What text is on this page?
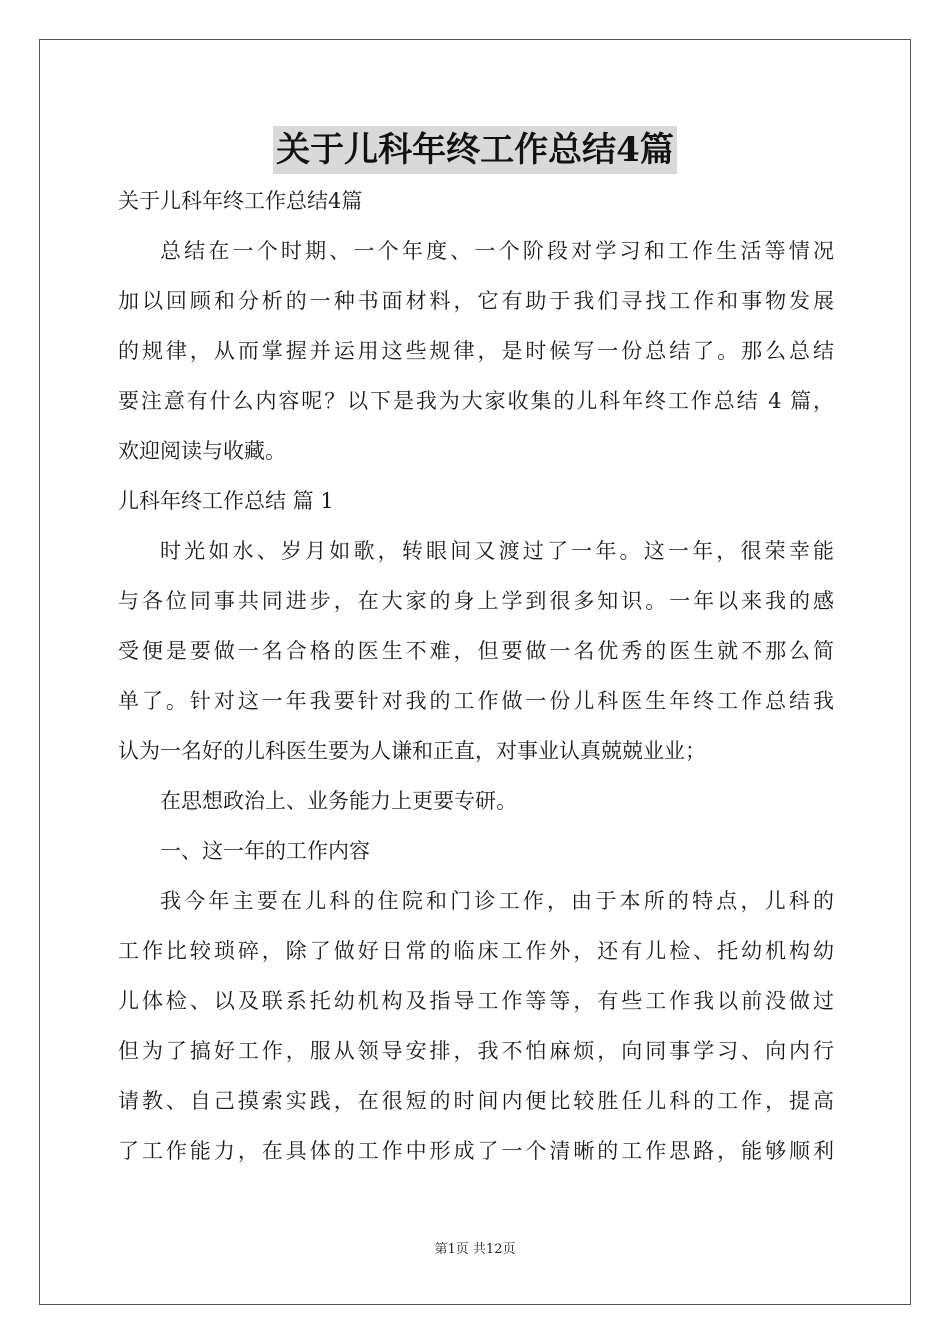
关于儿科年终工作总结4篇
关于儿科年终工作总结4篇
总结在一个时期、一个年度、一个阶段对学习和工作生活等情况
加以回顾和分析的一种书面材料，它有助于我们寻找工作和事物发展
的规律，从而掌握并运用这些规律，是时候写一份总结了。那么总结
要注意有什么内容呢？以下是我为大家收集的儿科年终工作总结 4 篇，
欢迎阅读与收藏。
儿科年终工作总结 篇 1
时光如水、岁月如歌，转眼间又渡过了一年。这一年，很荣幸能
与各位同事共同进步，在大家的身上学到很多知识。一年以来我的感
受便是要做一名合格的医生不难，但要做一名优秀的医生就不那么简
单了。针对这一年我要针对我的工作做一份儿科医生年终工作总结我
认为一名好的儿科医生要为人谦和正直，对事业认真兢兢业业；
在思想政治上、业务能力上更要专研。
一、这一年的工作内容
我今年主要在儿科的住院和门诊工作，由于本所的特点，儿科的
工作比较琐碎，除了做好日常的临床工作外，还有儿检、托幼机构幼
儿体检、以及联系托幼机构及指导工作等等，有些工作我以前没做过
但为了搞好工作，服从领导安排，我不怕麻烦，向同事学习、向内行
请教、自己摸索实践，在很短的时间内便比较胜任儿科的工作，提高
了工作能力，在具体的工作中形成了一个清晰的工作思路，能够顺利
第1页 共12页
